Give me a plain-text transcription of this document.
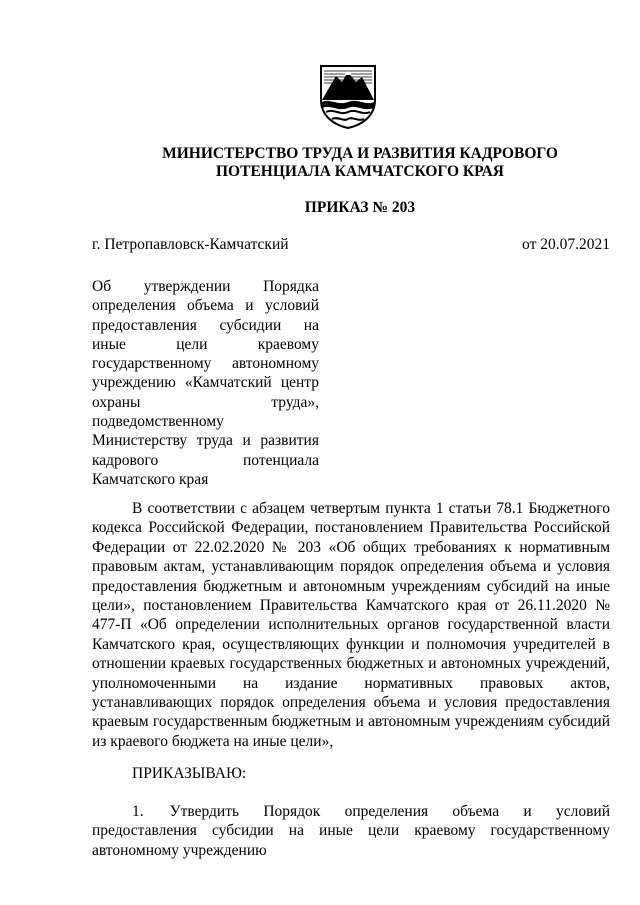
МИНИСТЕРСТВО ТРУДА И РАЗВИТИЯ КАДРОВОГО
ПОТЕНЦИАЛА КАМЧАТСКОГО КРАЯ
ПРИКАЗ № 203
г. Петропавловск-Камчатский	от 20.07.2021
Об утверждении Порядка определения объема и условий предоставления субсидии на иные цели краевому государственному автономному учреждению «Камчатский центр охраны труда», подведомственному Министерству труда и развития кадрового потенциала Камчатского края
В соответствии с абзацем четвертым пункта 1 статьи 78.1 Бюджетного кодекса Российской Федерации, постановлением Правительства Российской Федерации от 22.02.2020 № 203 «Об общих требованиях к нормативным правовым актам, устанавливающим порядок определения объема и условия предоставления бюджетным и автономным учреждениям субсидий на иные цели», постановлением Правительства Камчатского края от 26.11.2020 № 477-П «Об определении исполнительных органов государственной власти Камчатского края, осуществляющих функции и полномочия учредителей в отношении краевых государственных бюджетных и автономных учреждений, уполномоченными на издание нормативных правовых актов, устанавливающих порядок определения объема и условия предоставления краевым государственным бюджетным и автономным учреждениям субсидий из краевого бюджета на иные цели»,
ПРИКАЗЫВАЮ:
1. Утвердить Порядок определения объема и условий предоставления субсидии на иные цели краевому государственному автономному учреждению
